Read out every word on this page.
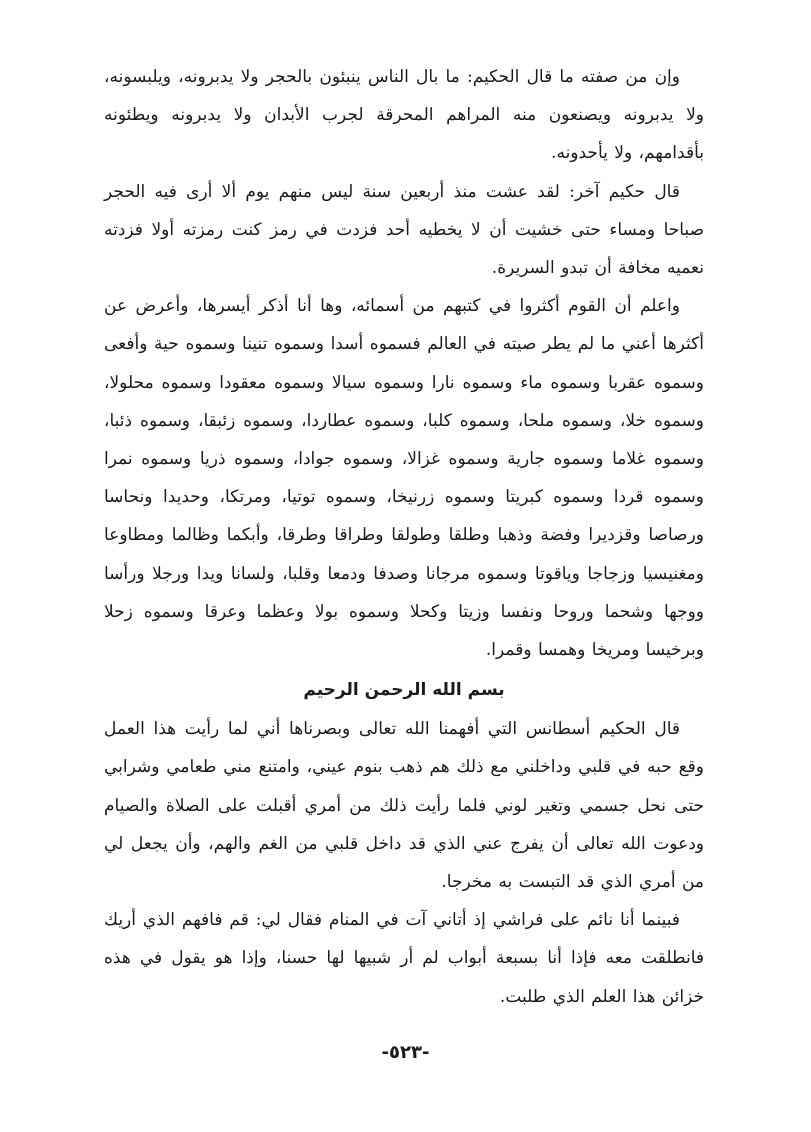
وإن من صفته ما قال الحكيم: ما بال الناس ينبئون بالحجر ولا يدبرونه، ويلبسونه، ولا يدبرونه ويصنعون منه المراهم المحرقة لجرب الأبدان ولا يدبرونه ويطئونه بأقدامهم، ولا يأحدونه.

قال حكيم آخر: لقد عشت منذ أربعين سنة ليس منهم يوم ألا أرى فيه الحجر صباحا ومساء حتى خشيت أن لا يخطيه أحد فزدت في رمز كنت رمزته أولا فزدته نعميه مخافة أن تبدو السريرة.

واعلم أن القوم أكثروا في كتبهم من أسمائه، وها أنا أذكر أيسرها، وأعرض عن أكثرها أعني ما لم يطر صيته في العالم فسموه أسدا وسموه تنينا وسموه حية وأفعى وسموه عقربا وسموه ماء وسموه نارا وسموه سيالا وسموه معقودا وسموه محلولا، وسموه خلا، وسموه ملحا، وسموه كلبا، وسموه عطاردا، وسموه زئبقا، وسموه ذئبا، وسموه غلاما وسموه جارية وسموه غزالا، وسموه جوادا، وسموه ذريا وسموه نمرا وسموه قردا وسموه كبريتا وسموه زرنيخا، وسموه توتيا، ومرتكا، وحديدا ونحاسا ورصاصا وقزديرا وفضة وذهبا وطلقا وطولقا وطراقا وطرقا، وأبكما وظالما ومطاوعا ومغنيسيا وزجاجا وياقوتا وسموه مرجانا وصدفا ودمعا وقلبا، ولسانا ويدا ورجلا ورأسا ووجها وشحما وروحا ونفسا وزيتا وكحلا وسموه بولا وعظما وعرقا وسموه زحلا وبرخيسا ومريخا وهمسا وقمرا.

بسم الله الرحمن الرحيم

قال الحكيم أسطانس التي أفهمنا الله تعالى وبصرناها أني لما رأيت هذا العمل وقع حبه في قلبي وداخلني مع ذلك هم ذهب بنوم عيني، وامتنع مني طعامي وشرابي حتى نحل جسمي وتغير لوني فلما رأيت ذلك من أمري أقبلت على الصلاة والصيام ودعوت الله تعالى أن يفرج عني الذي قد داخل قلبي من الغم والهم، وأن يجعل لي من أمري الذي قد التبست به مخرجا.

فبينما أنا نائم على فراشي إذ أتاني آت في المنام فقال لي: قم فافهم الذي أريك فانطلقت معه فإذا أنا بسبعة أبواب لم أر شبيها لها حسنا، وإذا هو يقول في هذه خزائن هذا العلم الذي طلبت.

-٥٢٣-
